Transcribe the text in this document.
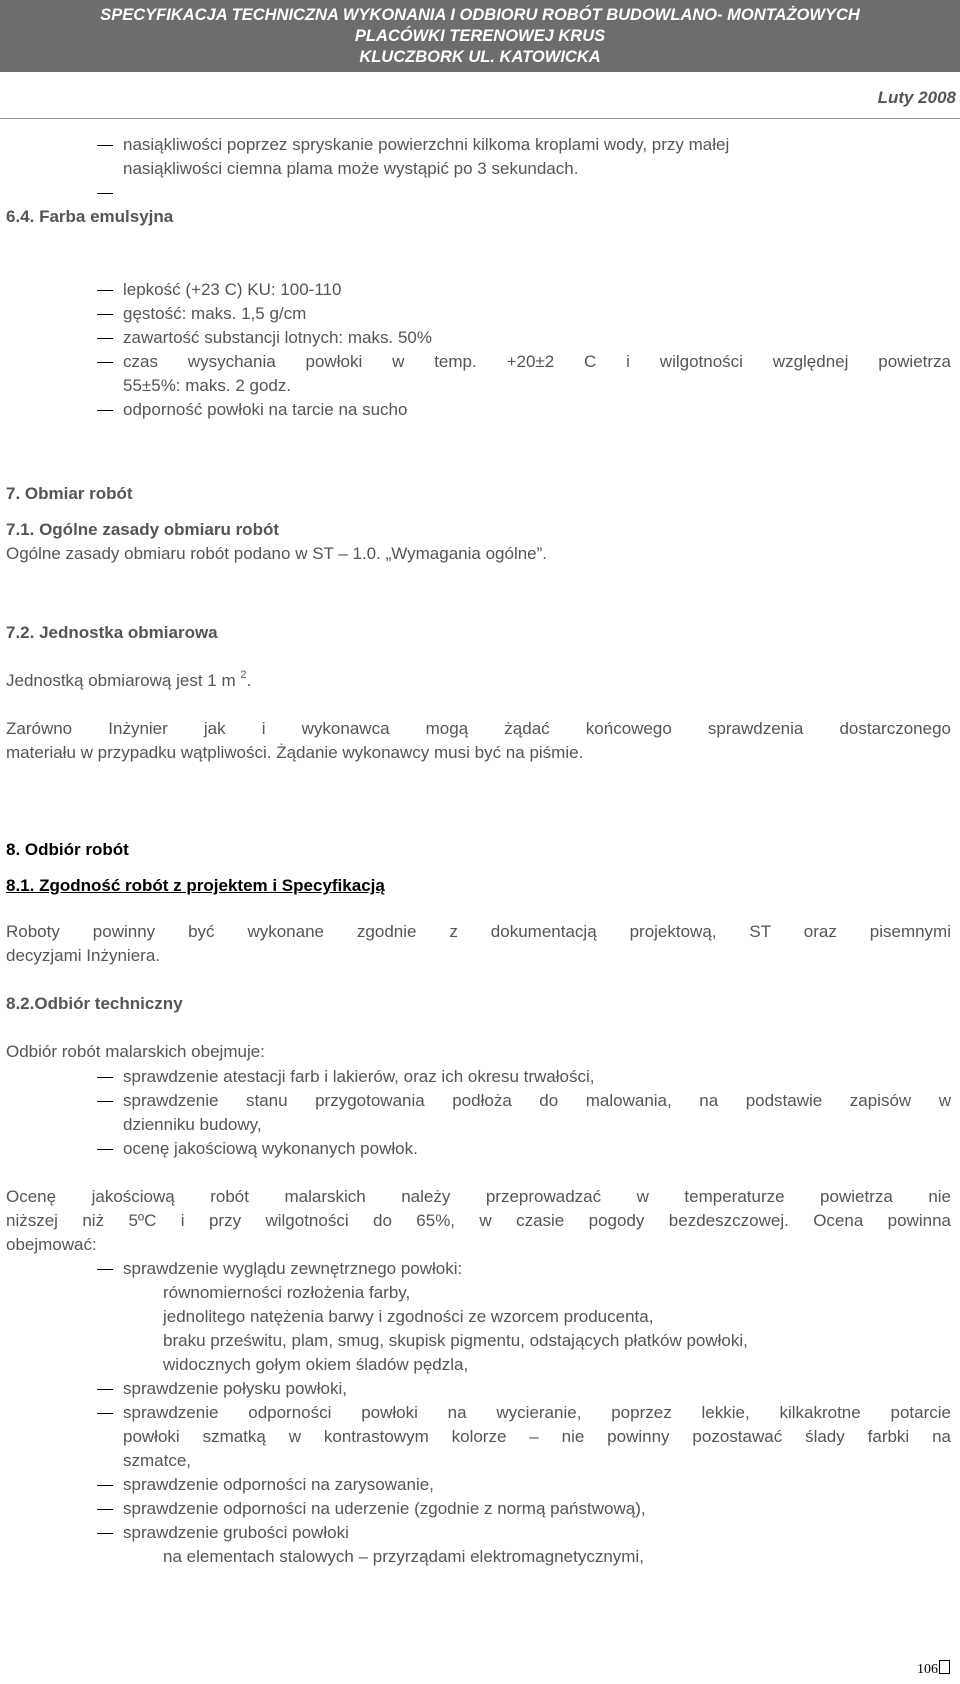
SPECYFIKACJA TECHNICZNA WYKONANIA I ODBIORU ROBÓT BUDOWLANO- MONTAŻOWYCH
PLACÓWKI TERENOWEJ KRUS
KLUCZBORK UL. KATOWICKA
Luty 2008
nasiąkliwości poprzez spryskanie powierzchni kilkoma kroplami wody, przy małej
nasiąkliwości ciemna plama może wystąpić po 3 sekundach.
6.4. Farba emulsyjna
lepkość (+23 C) KU: 100-110
gęstość: maks. 1,5 g/cm
zawartość substancji lotnych: maks. 50%
czas wysychania powłoki w temp. +20±2 C i wilgotności względnej powietrza
55±5%: maks. 2 godz.
odporność powłoki na tarcie na sucho
7. Obmiar robót
7.1. Ogólne zasady obmiaru robót
Ogólne zasady obmiaru robót podano w ST – 1.0. „Wymagania ogólne”.
7.2. Jednostka obmiarowa
Jednostką obmiarową jest 1 m $^2$.
Zarówno Inżynier jak i wykonawca mogą żądać końcowego sprawdzenia dostarczonego
materiału w przypadku wątpliwości. Żądanie wykonawcy musi być na piśmie.
8. Odbiór robót
8.1. Zgodność robót z projektem i Specyfikacją
Roboty powinny być wykonane zgodnie z dokumentacją projektową, ST oraz pisemnymi
decyzjami Inżyniera.
8.2.Odbiór techniczny
Odbiór robót malarskich obejmuje:
sprawdzenie atestacji farb i lakierów, oraz ich okresu trwałości,
sprawdzenie stanu przygotowania podłoża do malowania, na podstawie zapisów w
dzienniku budowy,
ocenę jakościową wykonanych powłok.
Ocenę jakościową robót malarskich należy przeprowadzać w temperaturze powietrza nie
niższej niż 5ºC i przy wilgotności do 65%, w czasie pogody bezdeszczowej. Ocena powinna
obejmować:
sprawdzenie wyglądu zewnętrznego powłoki:
równomierności rozłożenia farby,
jednolitego natężenia barwy i zgodności ze wzorcem producenta,
braku prześwitu, plam, smug, skupisk pigmentu, odstających płatków powłoki,
widocznych gołym okiem śladów pędzla,
sprawdzenie połysku powłoki,
sprawdzenie odporności powłoki na wycieranie, poprzez lekkie, kilkakrotne potarcie
powłoki szmatką w kontrastowym kolorze – nie powinny pozostawać ślady farbki na
szmatce,
sprawdzenie odporności na zarysowanie,
sprawdzenie odporności na uderzenie (zgodnie z normą państwową),
sprawdzenie grubości powłoki
na elementach stalowych – przyrządami elektromagnetycznymi,
106
